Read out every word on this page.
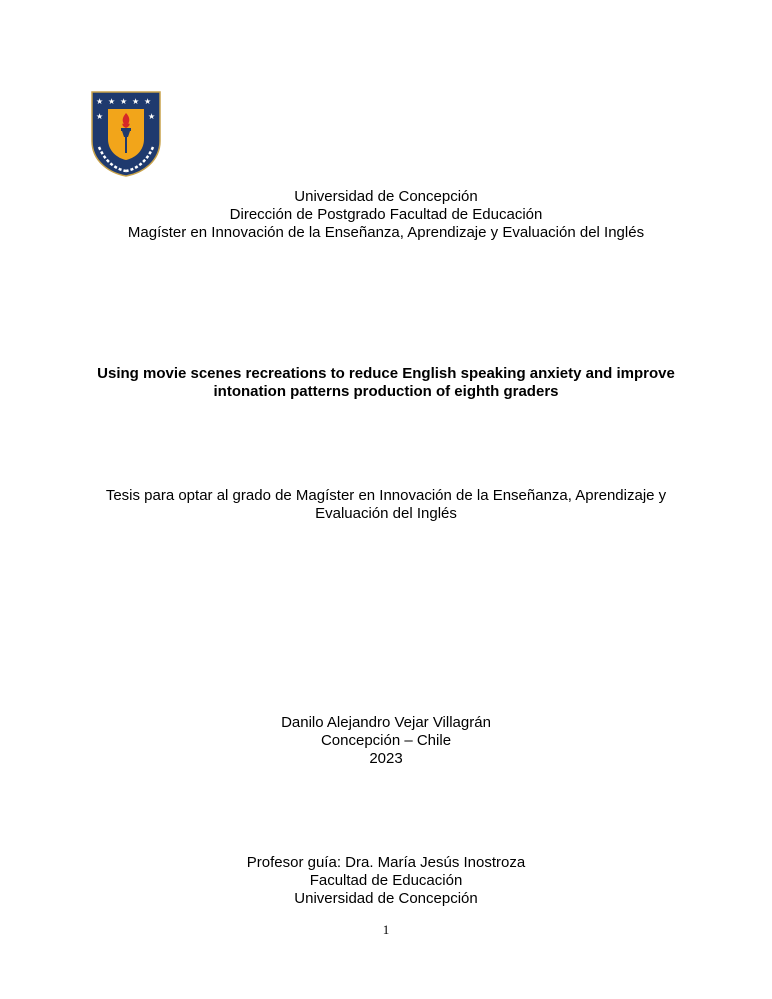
★ ★ ★ ★ ★
★	★
Universidad de Concepción
Dirección de Postgrado Facultad de Educación
Magíster en Innovación de la Enseñanza, Aprendizaje y Evaluación del Inglés
Using movie scenes recreations to reduce English speaking anxiety and improve
intonation patterns production of eighth graders
Tesis para optar al grado de Magíster en Innovación de la Enseñanza, Aprendizaje y
Evaluación del Inglés
Danilo Alejandro Vejar Villagrán
Concepción – Chile
2023
Profesor guía: Dra. María Jesús Inostroza
Facultad de Educación
Universidad de Concepción
1
